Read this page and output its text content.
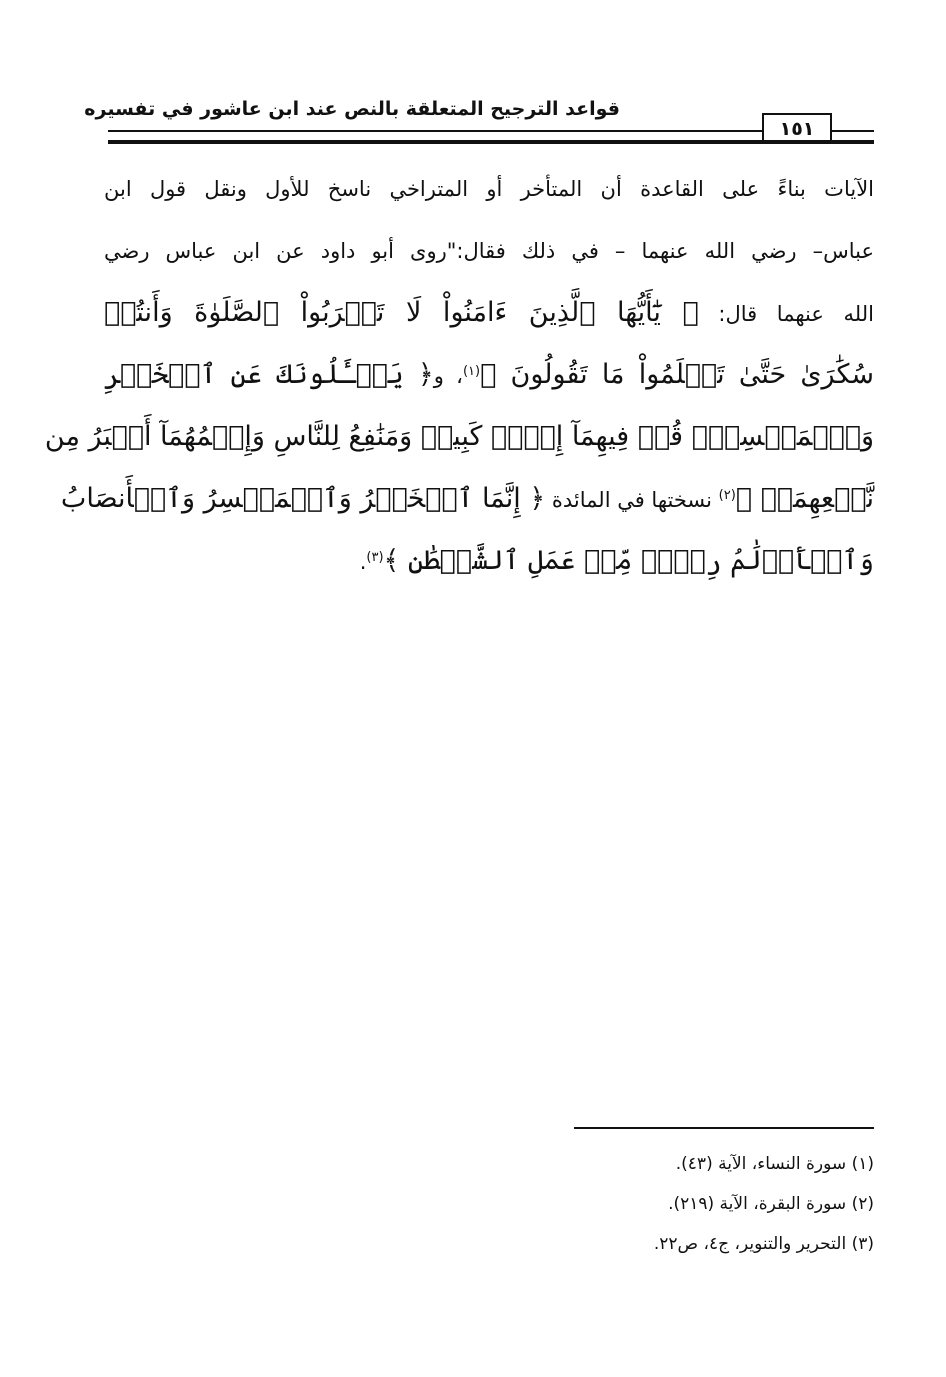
قواعد الترجيح المتعلقة بالنص عند ابن عاشور في تفسيره
١٥١
الآيات بناءً على القاعدة أن المتأخر أو المتراخي ناسخ للأول ونقل قول ابن
عباس– رضي الله عنهما – في ذلك فقال:"روى أبو داود عن ابن عباس رضي
الله عنهما قال: ﴿ يَٰٓأَيُّهَا ٱلَّذِينَ ءَامَنُواْ لَا تَقۡرَبُواْ ٱلصَّلَوٰةَ وَأَنتُمۡ
سُكَٰرَىٰ حَتَّىٰ تَعۡلَمُواْ مَا تَقُولُونَ ﴾$^{(١)}$، و﴿ يَسۡـَٔلُونَكَ عَنِ ٱلۡخَمۡرِ
وَٱلۡمَيۡسِرِۖ قُلۡ فِيهِمَآ إِثۡمٞ كَبِيرٞ وَمَنَٰفِعُ لِلنَّاسِ وَإِثۡمُهُمَآ أَكۡبَرُ مِن
نَّفۡعِهِمَاۗ ﴾$^{(٢)}$ نسختها في المائدة ﴿ إِنَّمَا ٱلۡخَمۡرُ وَٱلۡمَيۡسِرُ وَٱلۡأَنصَابُ
وَٱلۡأَزۡلَٰمُ رِجۡسٞ مِّنۡ عَمَلِ ٱلشَّيۡطَٰنِ ﴾$^{(٣)}$.
(١) سورة النساء، الآية (٤٣).
(٢) سورة البقرة، الآية (٢١٩).
(٣) التحرير والتنوير، ج٤، ص٢٢.
